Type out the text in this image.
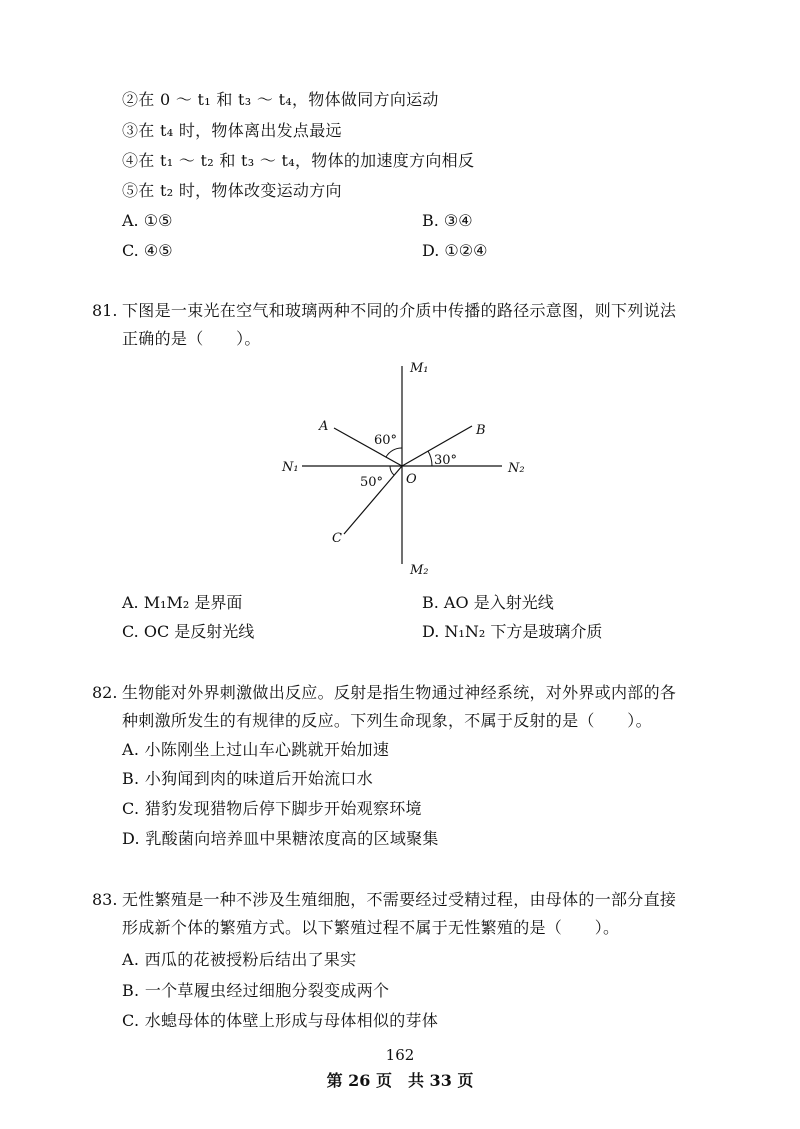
②在 0 ～ t₁ 和 t₃ ～ t₄，物体做同方向运动
③在 t₄ 时，物体离出发点最远
④在 t₁ ～ t₂ 和 t₃ ～ t₄，物体的加速度方向相反
⑤在 t₂ 时，物体改变运动方向
A. ①⑤	B. ③④
C. ④⑤	D. ①②④
81. 下图是一束光在空气和玻璃两种不同的介质中传播的路径示意图，则下列说法
正确的是（　　）。
M₁
M₂
N₁	N₂
A	B
C
O
60°
30°
50°
A. M₁M₂ 是界面	B. AO 是入射光线
C. OC 是反射光线	D. N₁N₂ 下方是玻璃介质
82. 生物能对外界刺激做出反应。反射是指生物通过神经系统，对外界或内部的各
种刺激所发生的有规律的反应。下列生命现象，不属于反射的是（　　）。
A. 小陈刚坐上过山车心跳就开始加速
B. 小狗闻到肉的味道后开始流口水
C. 猎豹发现猎物后停下脚步开始观察环境
D. 乳酸菌向培养皿中果糖浓度高的区域聚集
83. 无性繁殖是一种不涉及生殖细胞，不需要经过受精过程，由母体的一部分直接
形成新个体的繁殖方式。以下繁殖过程不属于无性繁殖的是（　　）。
A. 西瓜的花被授粉后结出了果实
B. 一个草履虫经过细胞分裂变成两个
C. 水螅母体的体壁上形成与母体相似的芽体
162
第 26 页　共 33 页
